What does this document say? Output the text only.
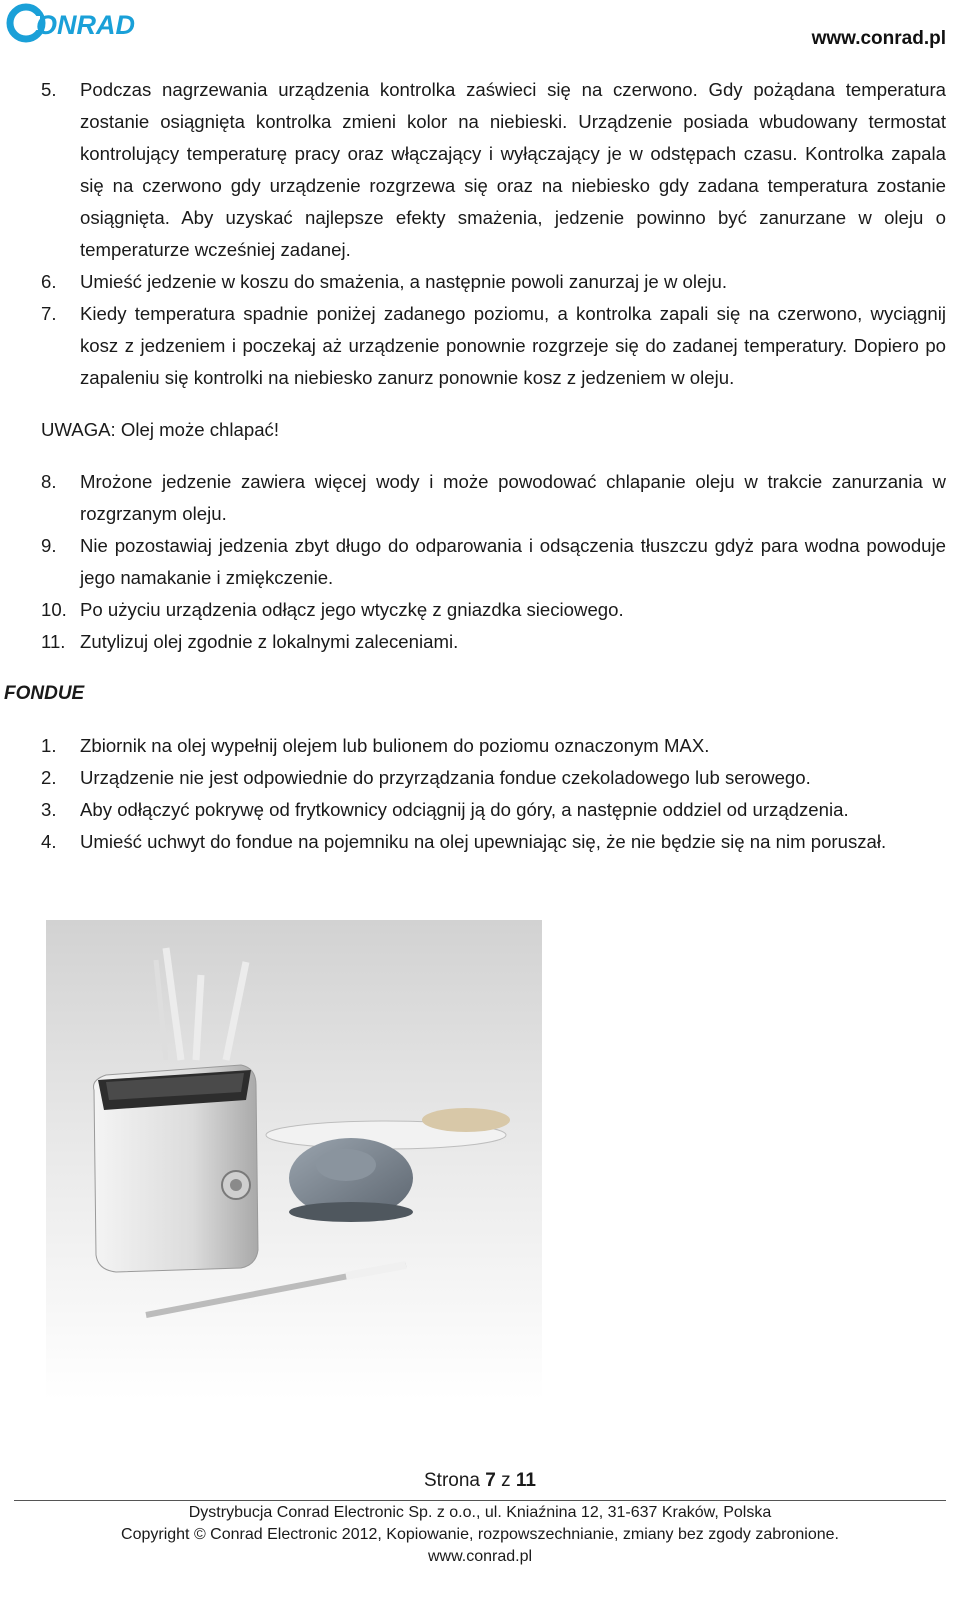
ONRAD	www.conrad.pl
5. Podczas nagrzewania urządzenia kontrolka zaświeci się na czerwono. Gdy pożądana temperatura zostanie osiągnięta kontrolka zmieni kolor na niebieski. Urządzenie posiada wbudowany termostat kontrolujący temperaturę pracy oraz włączający i wyłączający je w odstępach czasu. Kontrolka zapala się na czerwono gdy urządzenie rozgrzewa się oraz na niebiesko gdy zadana temperatura zostanie osiągnięta. Aby uzyskać najlepsze efekty smażenia, jedzenie powinno być zanurzane w oleju o temperaturze wcześniej zadanej.
6. Umieść jedzenie w koszu do smażenia, a następnie powoli zanurzaj je w oleju.
7. Kiedy temperatura spadnie poniżej zadanego poziomu, a kontrolka zapali się na czerwono, wyciągnij kosz z jedzeniem i poczekaj aż urządzenie ponownie rozgrzeje się do zadanej temperatury. Dopiero po zapaleniu się kontrolki na niebiesko zanurz ponownie kosz z jedzeniem w oleju.
UWAGA: Olej może chlapać!
8. Mrożone jedzenie zawiera więcej wody i może powodować chlapanie oleju w trakcie zanurzania w rozgrzanym oleju.
9. Nie pozostawiaj jedzenia zbyt długo do odparowania i odsączenia tłuszczu gdyż para wodna powoduje jego namakanie i zmiękczenie.
10. Po użyciu urządzenia odłącz jego wtyczkę z gniazdka sieciowego.
11. Zutylizuj olej zgodnie z lokalnymi zaleceniami.
FONDUE
1. Zbiornik na olej wypełnij olejem lub bulionem do poziomu oznaczonym MAX.
2. Urządzenie nie jest odpowiednie do przyrządzania fondue czekoladowego lub serowego.
3. Aby odłączyć pokrywę od frytkownicy odciągnij ją do góry, a następnie oddziel od urządzenia.
4. Umieść uchwyt do fondue na pojemniku na olej upewniając się, że nie będzie się na nim poruszał.
Strona 7 z 11
Dystrybucja Conrad Electronic Sp. z o.o., ul. Kniaźnina 12, 31-637 Kraków, Polska
Copyright © Conrad Electronic 2012, Kopiowanie, rozpowszechnianie, zmiany bez zgody zabronione.
www.conrad.pl
